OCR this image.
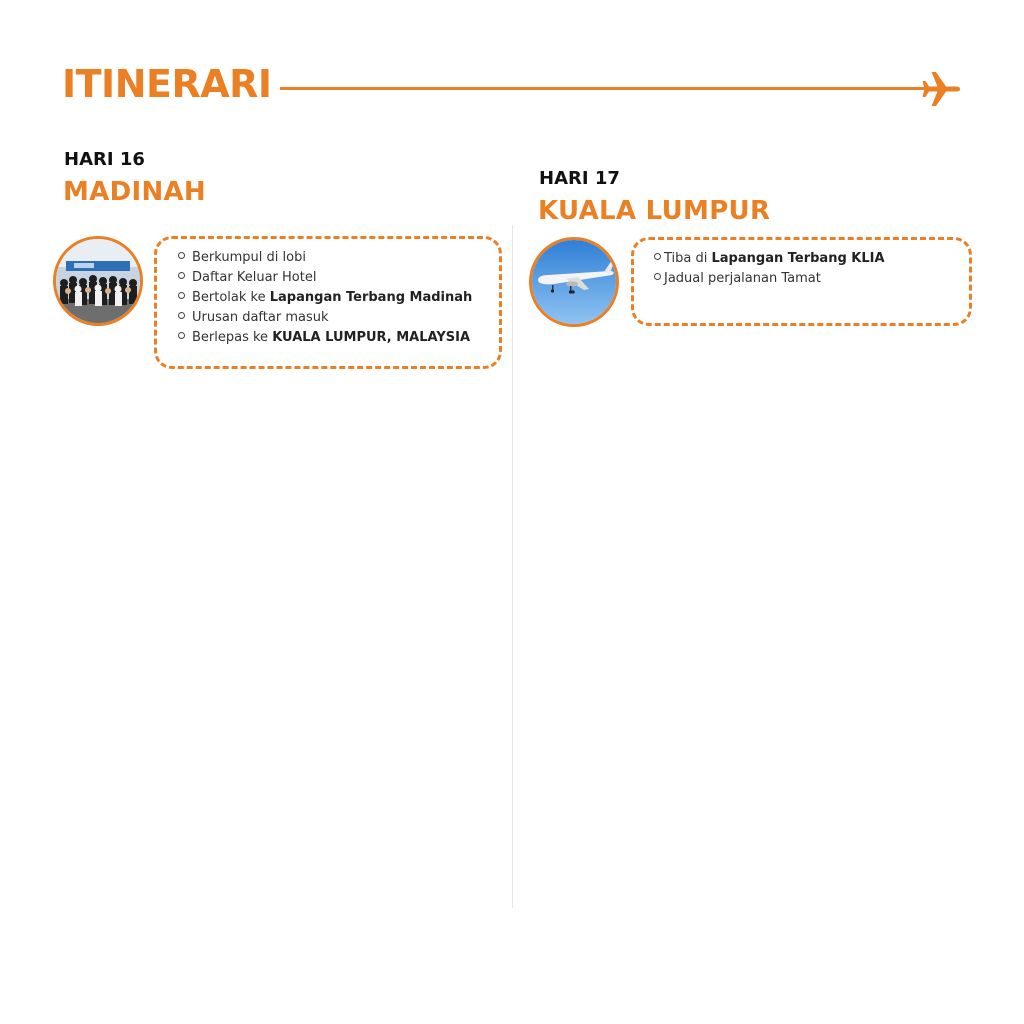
ITINERARI
HARI 16
MADINAH
Berkumpul di lobi
Daftar Keluar Hotel
Bertolak ke Lapangan Terbang Madinah
Urusan daftar masuk
Berlepas ke KUALA LUMPUR, MALAYSIA
HARI 17
KUALA LUMPUR
Tiba di Lapangan Terbang KLIA
Jadual perjalanan Tamat
